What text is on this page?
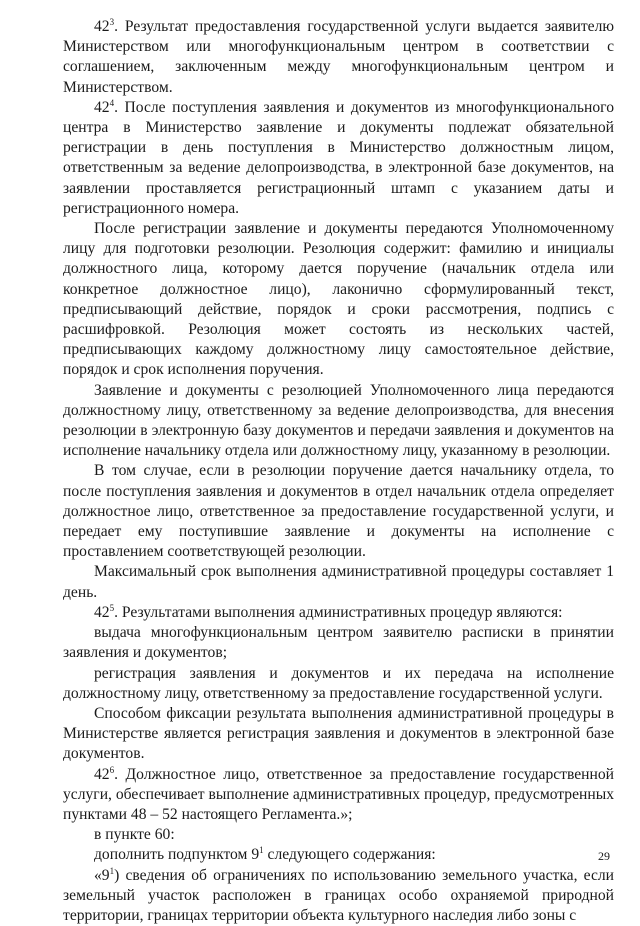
$42^3$. Результат предоставления государственной услуги выдается заявителю Министерством или многофункциональным центром в соответствии с соглашением, заключенным между многофункциональным центром и Министерством.

$42^4$. После поступления заявления и документов из многофункционального центра в Министерство заявление и документы подлежат обязательной регистрации в день поступления в Министерство должностным лицом, ответственным за ведение делопроизводства, в электронной базе документов, на заявлении проставляется регистрационный штамп с указанием даты и регистрационного номера.

После регистрации заявление и документы передаются Уполномоченному лицу для подготовки резолюции. Резолюция содержит: фамилию и инициалы должностного лица, которому дается поручение (начальник отдела или конкретное должностное лицо), лаконично сформулированный текст, предписывающий действие, порядок и сроки рассмотрения, подпись с расшифровкой. Резолюция может состоять из нескольких частей, предписывающих каждому должностному лицу самостоятельное действие, порядок и срок исполнения поручения.

Заявление и документы с резолюцией Уполномоченного лица передаются должностному лицу, ответственному за ведение делопроизводства, для внесения резолюции в электронную базу документов и передачи заявления и документов на исполнение начальнику отдела или должностному лицу, указанному в резолюции.

В том случае, если в резолюции поручение дается начальнику отдела, то после поступления заявления и документов в отдел начальник отдела определяет должностное лицо, ответственное за предоставление государственной услуги, и передает ему поступившие заявление и документы на исполнение с проставлением соответствующей резолюции.

Максимальный срок выполнения административной процедуры составляет 1 день.

$42^5$. Результатами выполнения административных процедур являются:

выдача многофункциональным центром заявителю расписки в принятии заявления и документов;

регистрация заявления и документов и их передача на исполнение должностному лицу, ответственному за предоставление государственной услуги.

Способом фиксации результата выполнения административной процедуры в Министерстве является регистрация заявления и документов в электронной базе документов.

$42^6$. Должностное лицо, ответственное за предоставление государственной услуги, обеспечивает выполнение административных процедур, предусмотренных пунктами 48 – 52 настоящего Регламента.»;

в пункте 60:

дополнить подпунктом $9^1$ следующего содержания:

«$9^1$) сведения об ограничениях по использованию земельного участка, если земельный участок расположен в границах особо охраняемой природной территории, границах территории объекта культурного наследия либо зоны с

29
